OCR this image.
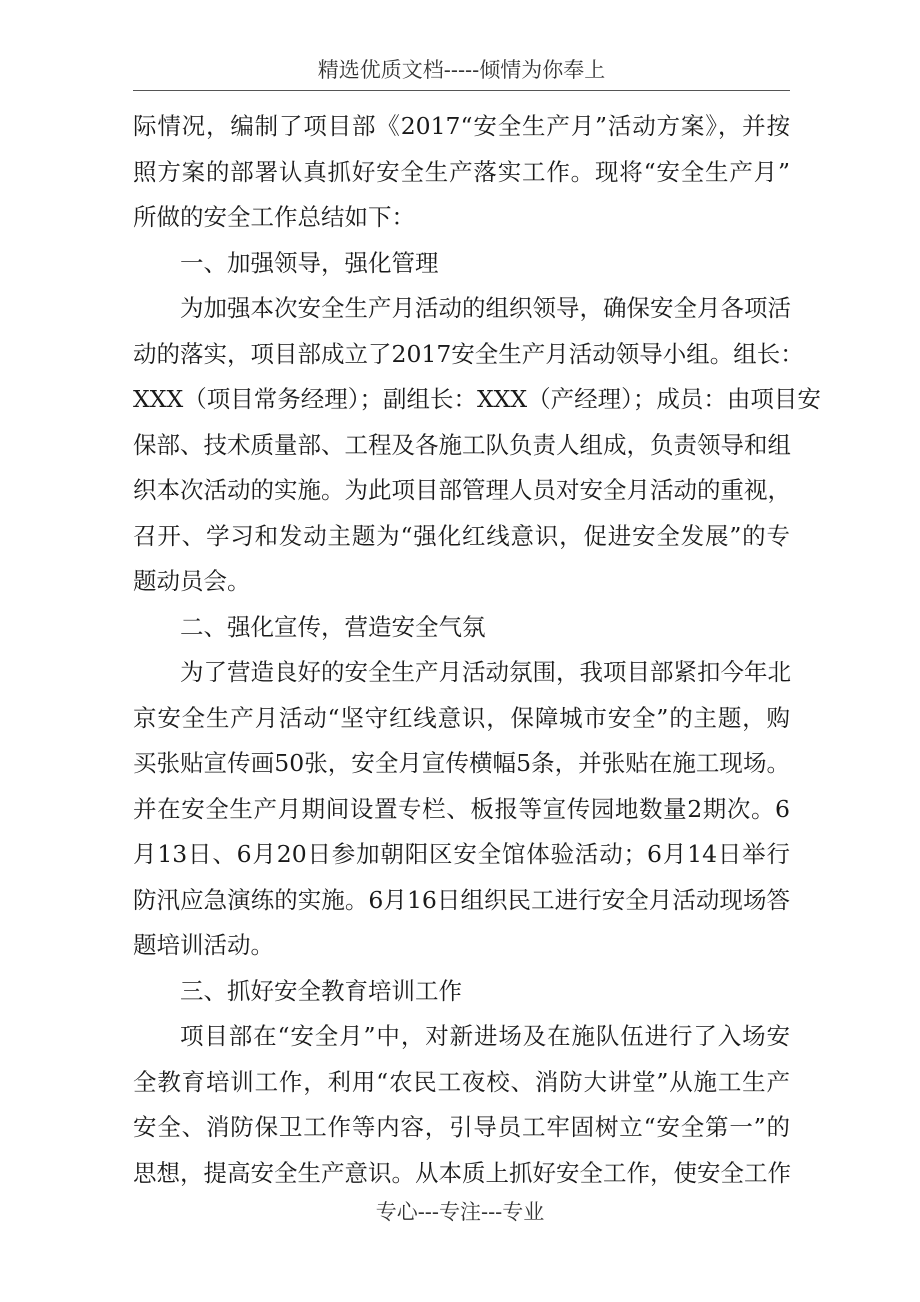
精选优质文档-----倾情为你奉上
际情况，编制了项目部《2017“安全生产月”活动方案》，并按
照方案的部署认真抓好安全生产落实工作。现将“安全生产月”
所做的安全工作总结如下：
一、加强领导，强化管理
为加强本次安全生产月活动的组织领导，确保安全月各项活
动的落实，项目部成立了2017安全生产月活动领导小组。组长：
XXX（项目常务经理）；副组长：XXX（产经理）；成员：由项目安
保部、技术质量部、工程及各施工队负责人组成，负责领导和组
织本次活动的实施。为此项目部管理人员对安全月活动的重视，
召开、学习和发动主题为“强化红线意识，促进安全发展”的专
题动员会。
二、强化宣传，营造安全气氛
为了营造良好的安全生产月活动氛围，我项目部紧扣今年北
京安全生产月活动“坚守红线意识，保障城市安全”的主题，购
买张贴宣传画50张，安全月宣传横幅5条，并张贴在施工现场。
并在安全生产月期间设置专栏、板报等宣传园地数量2期次。6
月13日、6月20日参加朝阳区安全馆体验活动；6月14日举行
防汛应急演练的实施。6月16日组织民工进行安全月活动现场答
题培训活动。
三、抓好安全教育培训工作
项目部在“安全月”中，对新进场及在施队伍进行了入场安
全教育培训工作，利用“农民工夜校、消防大讲堂”从施工生产
安全、消防保卫工作等内容，引导员工牢固树立“安全第一”的
思想，提高安全生产意识。从本质上抓好安全工作，使安全工作
专心---专注---专业
